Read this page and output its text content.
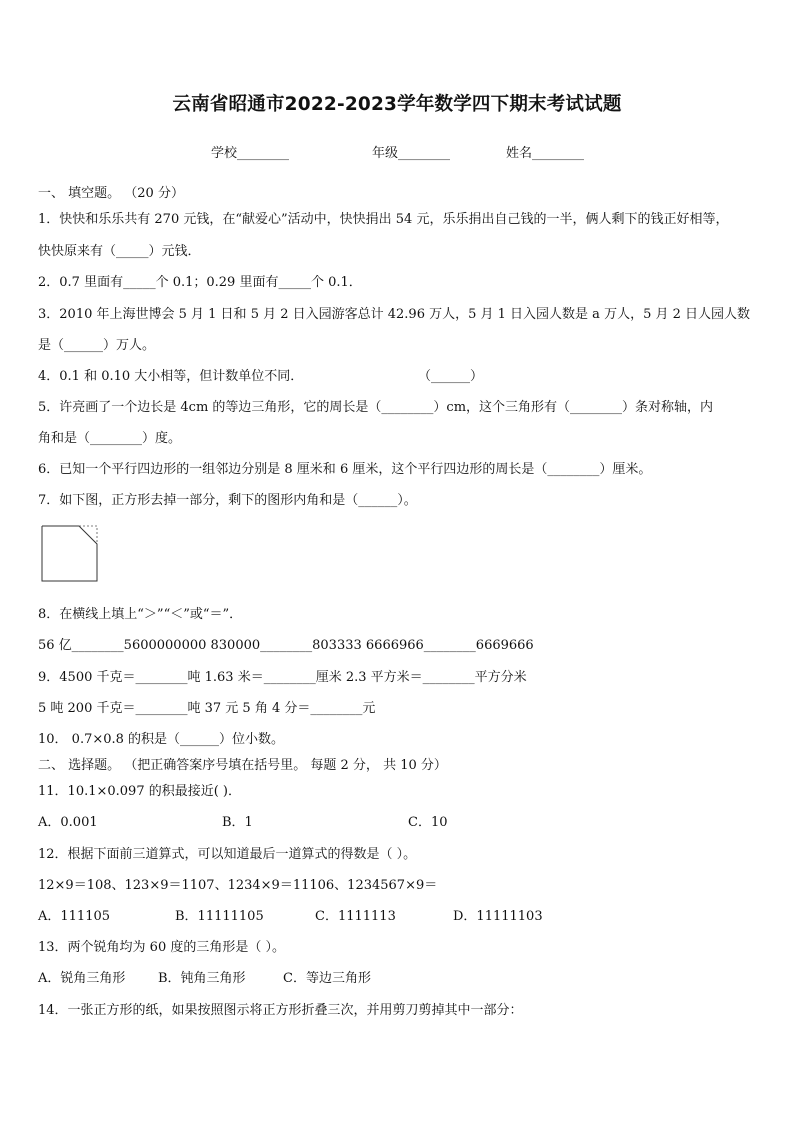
云南省昭通市2022-2023学年数学四下期末考试试题
学校________	年级________	姓名________
一、 填空题。 （20 分）
1．快快和乐乐共有 270 元钱，在“献爱心”活动中，快快捐出 54 元，乐乐捐出自己钱的一半，俩人剩下的钱正好相等，
快快原来有（_____）元钱．
2．0.7 里面有_____个 0.1；0.29 里面有_____个 0.1．
3．2010 年上海世博会 5 月 1 日和 5 月 2 日入园游客总计 42.96 万人，5 月 1 日入园人数是 a 万人，5 月 2 日人园人数
是（______）万人。
4．0.1 和 0.10 大小相等，但计数单位不同．	（______）
5．许亮画了一个边长是 4cm 的等边三角形，它的周长是（________）cm，这个三角形有（________）条对称轴，内
角和是（________）度。
6．已知一个平行四边形的一组邻边分别是 8 厘米和 6 厘米，这个平行四边形的周长是（________）厘米。
7．如下图，正方形去掉一部分，剩下的图形内角和是（______）。
8．在横线上填上“＞”“＜”或“＝”．
56 亿________5600000000 830000________803333 6666966________6669666
9．4500 千克＝________吨 1.63 米＝________厘米 2.3 平方米＝________平方分米
5 吨 200 千克＝________吨 37 元 5 角 4 分＝________元
10． 0.7×0.8 的积是（______）位小数。
二、 选择题。 （把正确答案序号填在括号里。 每题 2 分， 共 10 分）
11．10.1×0.097 的积最接近( )．
A．0.001	B．1	C．10
12．根据下面前三道算式，可以知道最后一道算式的得数是（ ）。
12×9＝108、123×9＝1107、1234×9＝11106、1234567×9＝
A．111105	B．11111105	C．1111113	D．11111103
13．两个锐角均为 60 度的三角形是（ ）。
A．锐角三角形	B．钝角三角形	C．等边三角形
14．一张正方形的纸，如果按照图示将正方形折叠三次，并用剪刀剪掉其中一部分：
